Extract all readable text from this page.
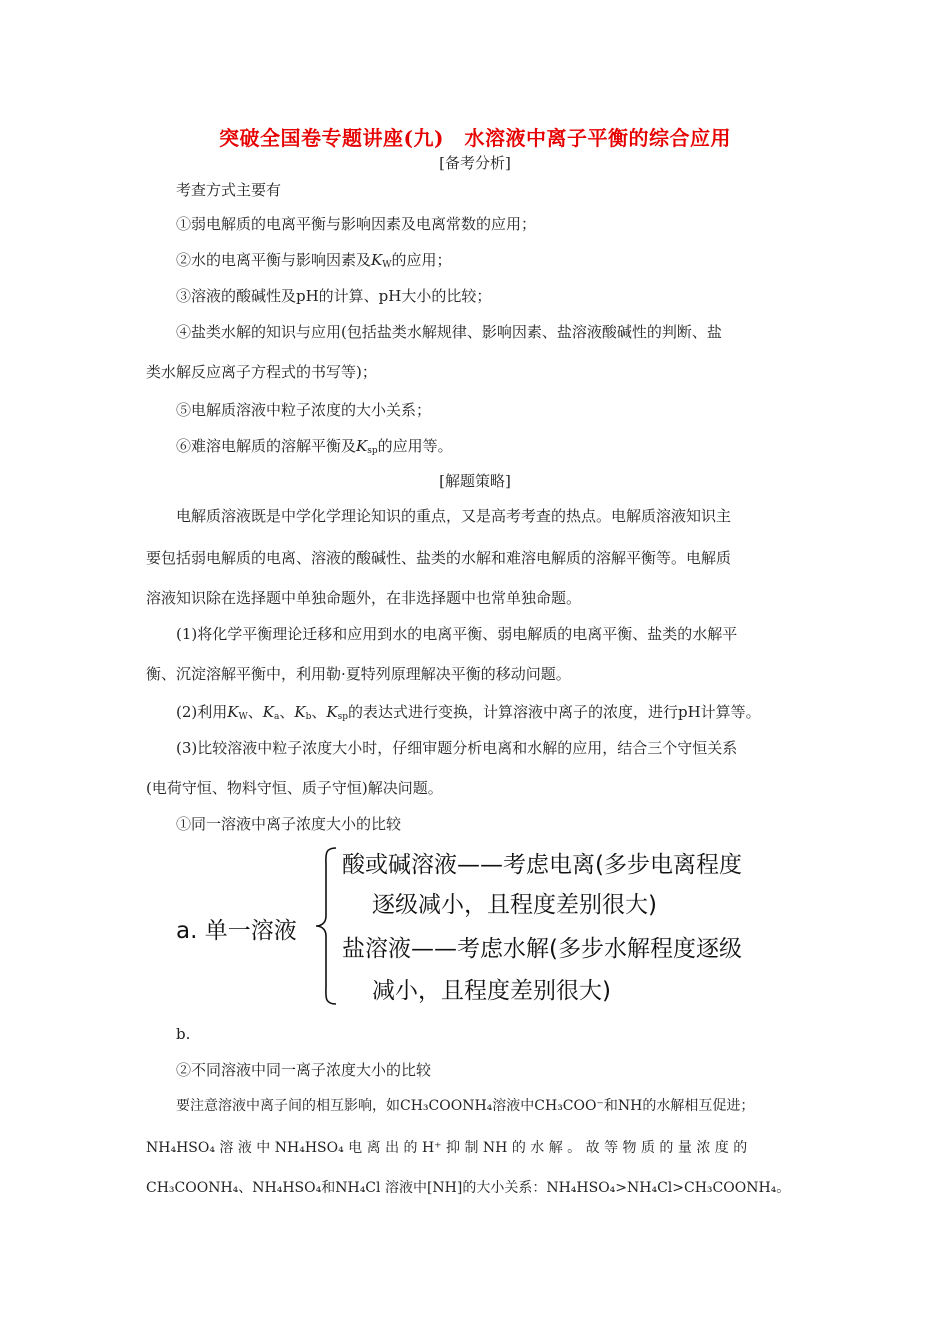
突破全国卷专题讲座(九)　水溶液中离子平衡的综合应用
[备考分析]
考查方式主要有
①弱电解质的电离平衡与影响因素及电离常数的应用；
②水的电离平衡与影响因素及$K_W$的应用；
③溶液的酸碱性及pH的计算、pH大小的比较；
④盐类水解的知识与应用(包括盐类水解规律、影响因素、盐溶液酸碱性的判断、盐
类水解反应离子方程式的书写等)；
⑤电解质溶液中粒子浓度的大小关系；
⑥难溶电解质的溶解平衡及$K_{sp}$的应用等。
[解题策略]
电解质溶液既是中学化学理论知识的重点，又是高考考查的热点。电解质溶液知识主
要包括弱电解质的电离、溶液的酸碱性、盐类的水解和难溶电解质的溶解平衡等。电解质
溶液知识除在选择题中单独命题外，在非选择题中也常单独命题。
(1)将化学平衡理论迁移和应用到水的电离平衡、弱电解质的电离平衡、盐类的水解平
衡、沉淀溶解平衡中，利用勒·夏特列原理解决平衡的移动问题。
(2)利用$K_W$、$K_a$、$K_b$、$K_{sp}$的表达式进行变换，计算溶液中离子的浓度，进行pH计算等。
(3)比较溶液中粒子浓度大小时，仔细审题分析电离和水解的应用，结合三个守恒关系
(电荷守恒、物料守恒、质子守恒)解决问题。
①同一溶液中离子浓度大小的比较
a. 单一溶液
酸或碱溶液——考虑电离(多步电离程度
逐级减小，且程度差别很大)
盐溶液——考虑水解(多步水解程度逐级
减小，且程度差别很大)
b.
②不同溶液中同一离子浓度大小的比较
要注意溶液中离子间的相互影响，如CH₃COONH₄溶液中CH₃COO⁻和NH的水解相互促进；
NH₄HSO₄ 溶 液 中 NH₄HSO₄ 电 离 出 的 H⁺ 抑 制 NH 的 水 解 。 故 等 物 质 的 量 浓 度 的
CH₃COONH₄、NH₄HSO₄和NH₄Cl 溶液中[NH]的大小关系：NH₄HSO₄>NH₄Cl>CH₃COONH₄。
